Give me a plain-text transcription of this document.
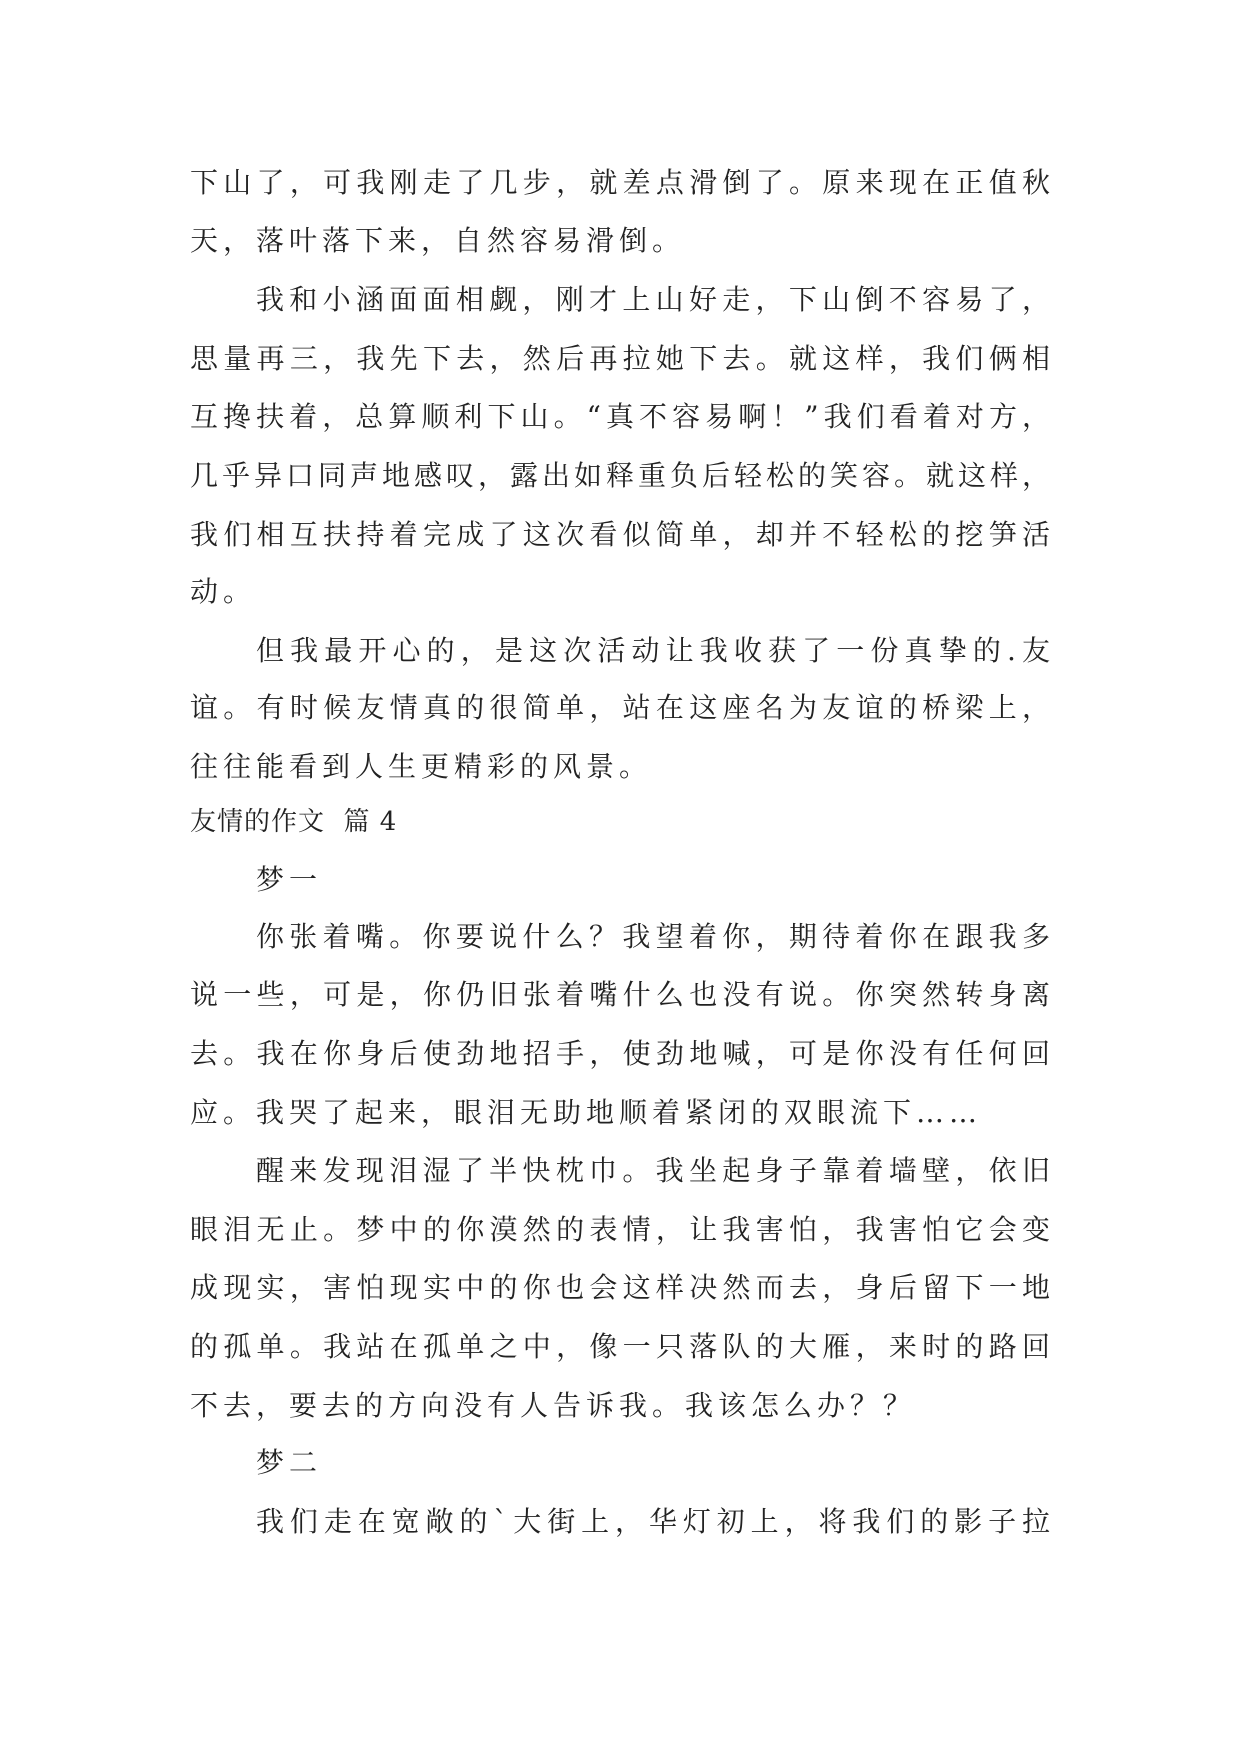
下山了，可我刚走了几步，就差点滑倒了。原来现在正值秋
天，落叶落下来，自然容易滑倒。
我和小涵面面相觑，刚才上山好走，下山倒不容易了，
思量再三，我先下去，然后再拉她下去。就这样，我们俩相
互搀扶着，总算顺利下山。“真不容易啊！”我们看着对方，
几乎异口同声地感叹，露出如释重负后轻松的笑容。就这样，
我们相互扶持着完成了这次看似简单，却并不轻松的挖笋活
动。
但我最开心的，是这次活动让我收获了一份真挚的.友
谊。有时候友情真的很简单，站在这座名为友谊的桥梁上，
往往能看到人生更精彩的风景。
友情的作文  篇 4
梦一
你张着嘴。你要说什么？我望着你，期待着你在跟我多
说一些，可是，你仍旧张着嘴什么也没有说。你突然转身离
去。我在你身后使劲地招手，使劲地喊，可是你没有任何回
应。我哭了起来，眼泪无助地顺着紧闭的双眼流下……
醒来发现泪湿了半快枕巾。我坐起身子靠着墙壁，依旧
眼泪无止。梦中的你漠然的表情，让我害怕，我害怕它会变
成现实，害怕现实中的你也会这样决然而去，身后留下一地
的孤单。我站在孤单之中，像一只落队的大雁，来时的路回
不去，要去的方向没有人告诉我。我该怎么办？？
梦二
我们走在宽敞的`大街上，华灯初上，将我们的影子拉
